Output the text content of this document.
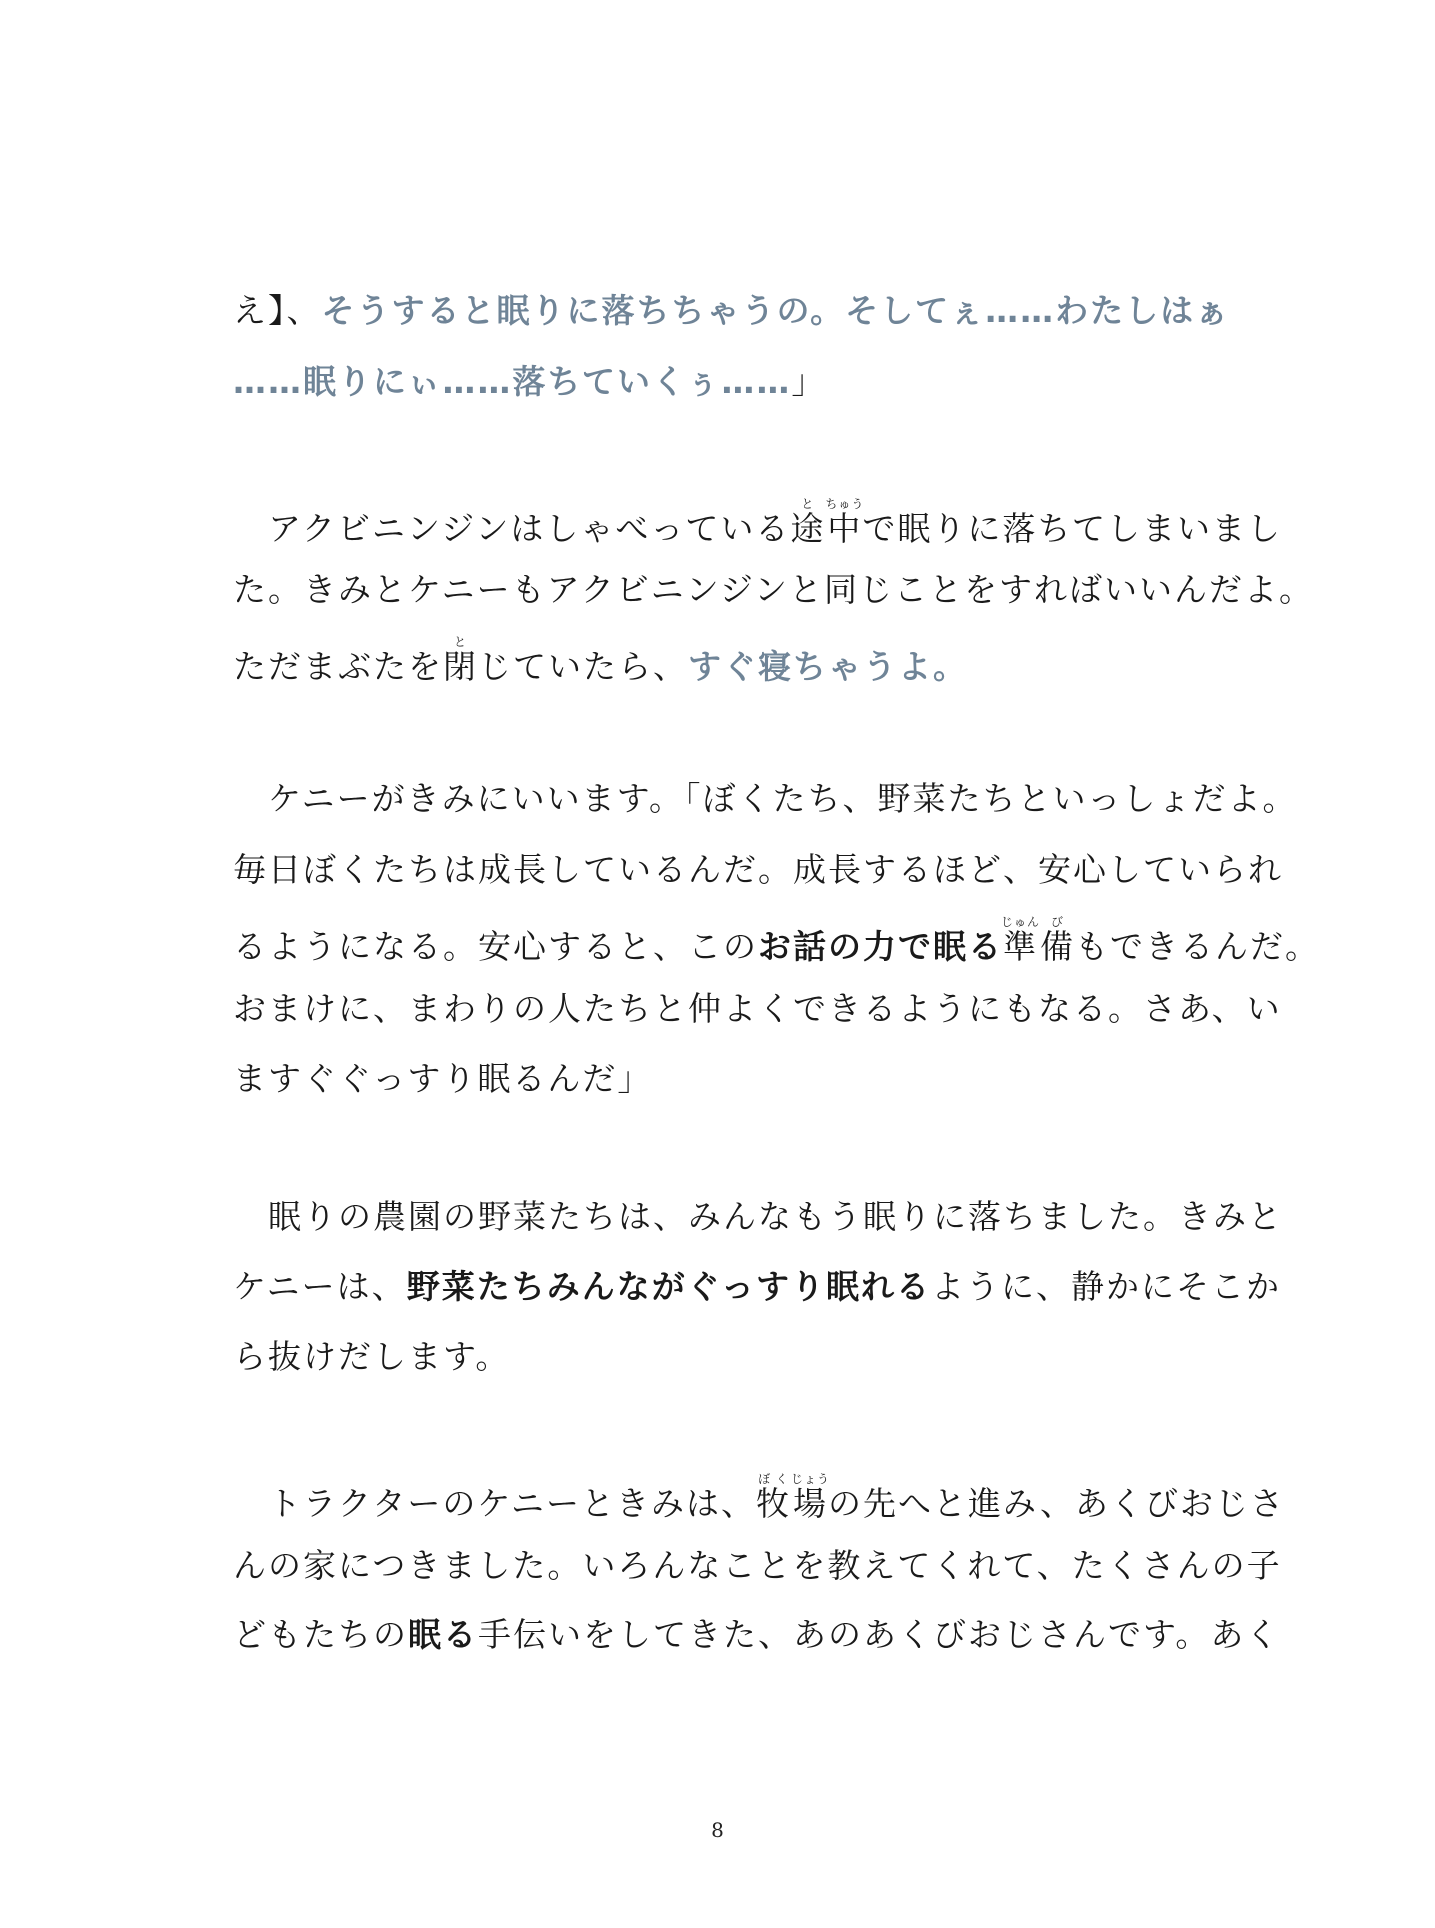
え】、そうすると眠りに落ちちゃうの。そしてぇ……わたしはぁ
……眠りにぃ……落ちていくぅ……」
　アクビニンジンはしゃべっている途と中ちゅうで眠りに落ちてしまいまし
た。きみとケニーもアクビニンジンと同じことをすればいいんだよ。
ただまぶたを閉とじていたら、すぐ寝ちゃうよ。
　ケニーがきみにいいます。「ぼくたち、野菜たちといっしょだよ。
毎日ぼくたちは成長しているんだ。成長するほど、安心していられ
るようになる。安心すると、このお話の力で眠る準じゅん備びもできるんだ。
おまけに、まわりの人たちと仲よくできるようにもなる。さあ、い
ますぐぐっすり眠るんだ」
　眠りの農園の野菜たちは、みんなもう眠りに落ちました。きみと
ケニーは、野菜たちみんながぐっすり眠れるように、静かにそこか
ら抜けだします。
　トラクターのケニーときみは、牧ぼく場じょうの先へと進み、あくびおじさ
んの家につきました。いろんなことを教えてくれて、たくさんの子
どもたちの眠る手伝いをしてきた、あのあくびおじさんです。あく
8
